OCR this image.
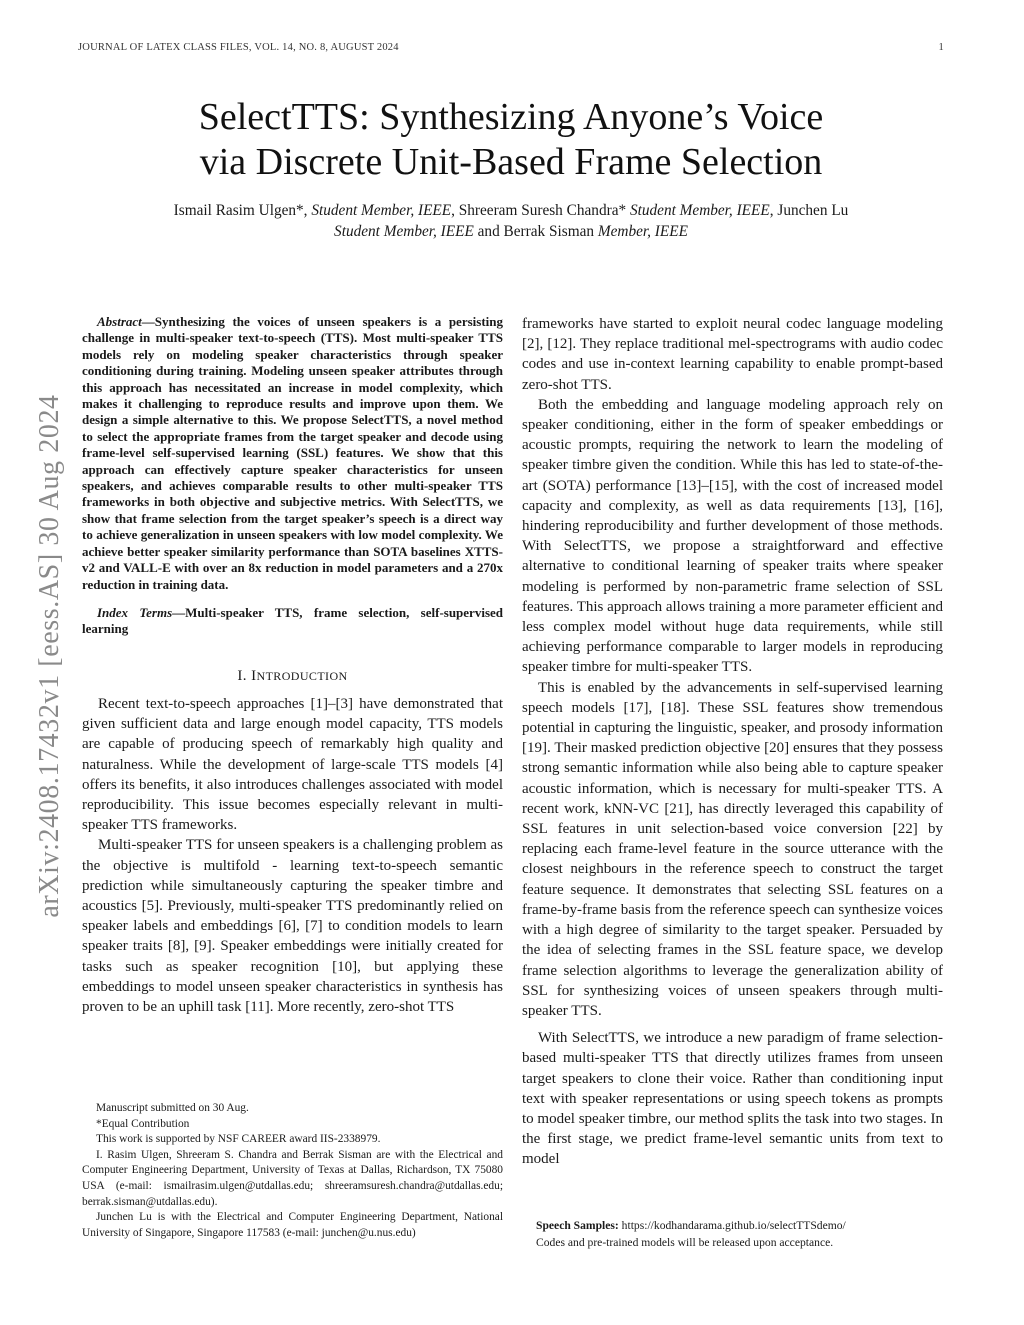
JOURNAL OF LATEX CLASS FILES, VOL. 14, NO. 8, AUGUST 2024	1
SelectTTS: Synthesizing Anyone’s Voice
via Discrete Unit-Based Frame Selection
Ismail Rasim Ulgen*, Student Member, IEEE, Shreeram Suresh Chandra* Student Member, IEEE, Junchen Lu
Student Member, IEEE and Berrak Sisman Member, IEEE
arXiv:2408.17432v1 [eess.AS] 30 Aug 2024

Abstract—Synthesizing the voices of unseen speakers is a persisting challenge in multi-speaker text-to-speech (TTS). Most multi-speaker TTS models rely on modeling speaker characteristics through speaker conditioning during training. Modeling unseen speaker attributes through this approach has necessitated an increase in model complexity, which makes it challenging to reproduce results and improve upon them. We design a simple alternative to this. We propose SelectTTS, a novel method to select the appropriate frames from the target speaker and decode using frame-level self-supervised learning (SSL) features. We show that this approach can effectively capture speaker characteristics for unseen speakers, and achieves comparable results to other multi-speaker TTS frameworks in both objective and subjective metrics. With SelectTTS, we show that frame selection from the target speaker’s speech is a direct way to achieve generalization in unseen speakers with low model complexity. We achieve better speaker similarity performance than SOTA baselines XTTS-v2 and VALL-E with over an 8x reduction in model parameters and a 270x reduction in training data.

Index Terms—Multi-speaker TTS, frame selection, self-supervised learning

I. INTRODUCTION

Recent text-to-speech approaches [1]–[3] have demonstrated that given sufficient data and large enough model capacity, TTS models are capable of producing speech of remarkably high quality and naturalness. While the development of large-scale TTS models [4] offers its benefits, it also introduces challenges associated with model reproducibility. This issue becomes especially relevant in multi-speaker TTS frameworks.

Multi-speaker TTS for unseen speakers is a challenging problem as the objective is multifold - learning text-to-speech semantic prediction while simultaneously capturing the speaker timbre and acoustics [5]. Previously, multi-speaker TTS predominantly relied on speaker labels and embeddings [6], [7] to condition models to learn speaker traits [8], [9]. Speaker embeddings were initially created for tasks such as speaker recognition [10], but applying these embeddings to model unseen speaker characteristics in synthesis has proven to be an uphill task [11]. More recently, zero-shot TTS

frameworks have started to exploit neural codec language modeling [2], [12]. They replace traditional mel-spectrograms with audio codec codes and use in-context learning capability to enable prompt-based zero-shot TTS.

Both the embedding and language modeling approach rely on speaker conditioning, either in the form of speaker embeddings or acoustic prompts, requiring the network to learn the modeling of speaker timbre given the condition. While this has led to state-of-the-art (SOTA) performance [13]–[15], with the cost of increased model capacity and complexity, as well as data requirements [13], [16], hindering reproducibility and further development of those methods. With SelectTTS, we propose a straightforward and effective alternative to conditional learning of speaker traits where speaker modeling is performed by non-parametric frame selection of SSL features. This approach allows training a more parameter efficient and less complex model without huge data requirements, while still achieving performance comparable to larger models in reproducing speaker timbre for multi-speaker TTS.

This is enabled by the advancements in self-supervised learning speech models [17], [18]. These SSL features show tremendous potential in capturing the linguistic, speaker, and prosody information [19]. Their masked prediction objective [20] ensures that they possess strong semantic information while also being able to capture speaker acoustic information, which is necessary for multi-speaker TTS. A recent work, kNN-VC [21], has directly leveraged this capability of SSL features in unit selection-based voice conversion [22] by replacing each frame-level feature in the source utterance with the closest neighbours in the reference speech to construct the target feature sequence. It demonstrates that selecting SSL features on a frame-by-frame basis from the reference speech can synthesize voices with a high degree of similarity to the target speaker. Persuaded by the idea of selecting frames in the SSL feature space, we develop frame selection algorithms to leverage the generalization ability of SSL for synthesizing voices of unseen speakers through multi-speaker TTS.

With SelectTTS, we introduce a new paradigm of frame selection-based multi-speaker TTS that directly utilizes frames from unseen target speakers to clone their voice. Rather than conditioning input text with speaker representations or using speech tokens as prompts to model speaker timbre, our method splits the task into two stages. In the first stage, we predict frame-level semantic units from text to model

Manuscript submitted on 30 Aug.

*Equal Contribution

This work is supported by NSF CAREER award IIS-2338979.

I. Rasim Ulgen, Shreeram S. Chandra and Berrak Sisman are with the Electrical and Computer Engineering Department, University of Texas at Dallas, Richardson, TX 75080 USA (e-mail: ismailrasim.ulgen@utdallas.edu; shreeramsuresh.chandra@utdallas.edu; berrak.sisman@utdallas.edu).

Junchen Lu is with the Electrical and Computer Engineering Department, National University of Singapore, Singapore 117583 (e-mail: junchen@u.nus.edu)

Speech Samples: https://kodhandarama.github.io/selectTTSdemo/

Codes and pre-trained models will be released upon acceptance.
